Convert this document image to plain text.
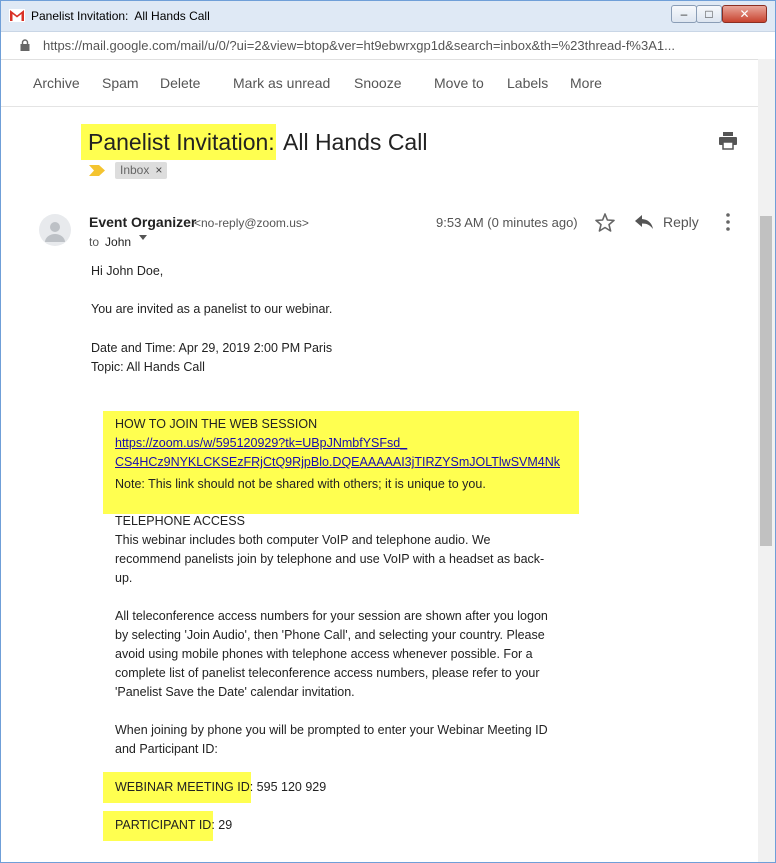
Panelist Invitation: All Hands Call	–	□	✕
https://mail.google.com/mail/u/0/?ui=2&view=btop&ver=ht9ebwrxgp1d&search=inbox&th=%23thread-f%3A1...
Archive Spam Delete Mark as unread Snooze Move to Labels More
Panelist Invitation: All Hands Call
Inbox ×
Event Organizer
<no-reply@zoom.us>
to John
9:53 AM (0 minutes ago)	Reply
Hi John Doe,
You are invited as a panelist to our webinar.
Date and Time: Apr 29, 2019 2:00 PM Paris
Topic: All Hands Call
HOW TO JOIN THE WEB SESSION
https://zoom.us/w/595120929?tk=UBpJNmbfYSFsd_
CS4HCz9NYKLCKSEzFRjCtQ9RjpBlo.DQEAAAAAI3jTIRZYSmJOLTlwSVM4Nk
Note: This link should not be shared with others; it is unique to you.
TELEPHONE ACCESS
This webinar includes both computer VoIP and telephone audio. We
recommend panelists join by telephone and use VoIP with a headset as back-
up.
All teleconference access numbers for your session are shown after you logon
by selecting 'Join Audio', then 'Phone Call', and selecting your country. Please
avoid using mobile phones with telephone access whenever possible. For a
complete list of panelist teleconference access numbers, please refer to your
'Panelist Save the Date' calendar invitation.
When joining by phone you will be prompted to enter your Webinar Meeting ID
and Participant ID:
WEBINAR MEETING ID: 595 120 929
PARTICIPANT ID: 29
